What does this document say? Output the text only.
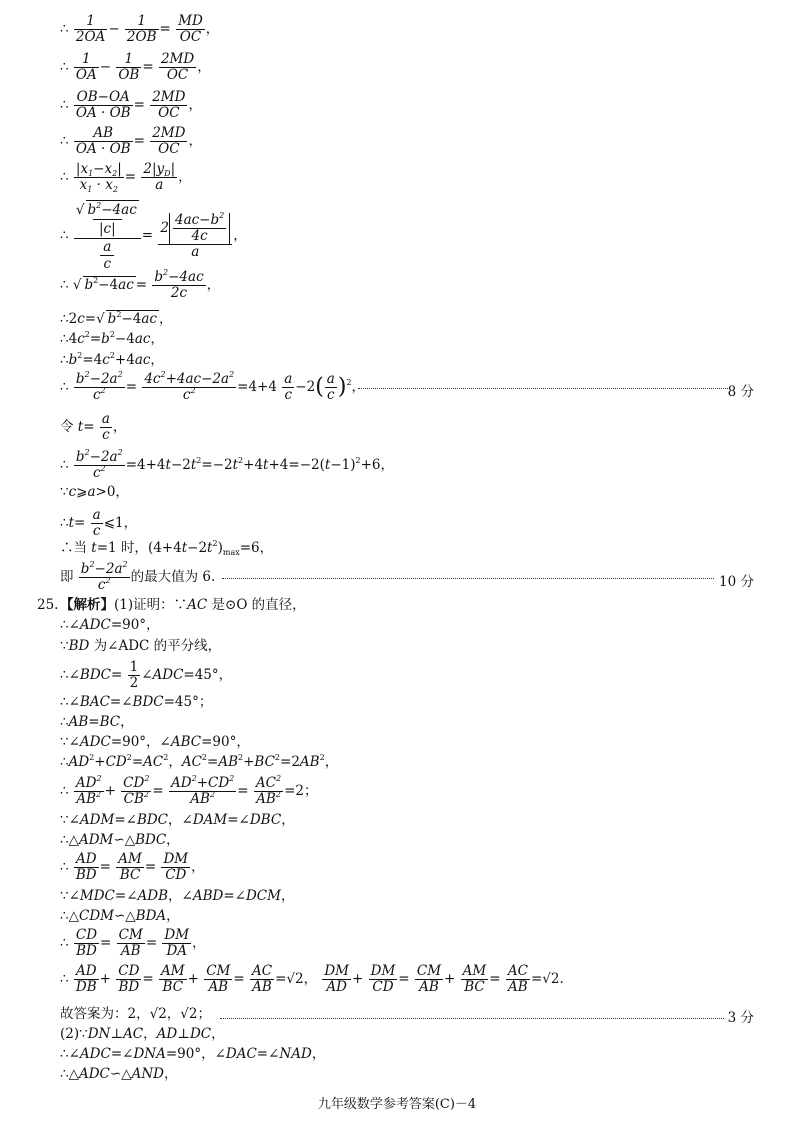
∴ $\frac{1}{2OA} - \frac{1}{2OB} = \frac{MD}{OC}$ ，
∴ $\frac{1}{OA} - \frac{1}{OB} = \frac{2MD}{OC}$ ，
∴ $\frac{OB-OA}{OA \cdot OB} = \frac{2MD}{OC}$ ，
∴ $\frac{AB}{OA \cdot OB} = \frac{2MD}{OC}$ ，
∴ $\frac{|x_1-x_2|}{x_1 \cdot x_2} = \frac{2|y_D|}{a}$ ，
∴
√ $b^2-4ac$
|c|
a
c
= $\frac{2 \frac{4ac-b^2}{4c}}{a}$ ，
∴ √ $b^2-4ac = \frac{b^2-4ac}{2c}$ ，
∴2c=√ $b^2-4ac$ ，
$\therefore 4c^2=b^2-4ac$，
$\therefore b^2=4c^2+4ac$，
∴ $\frac{b^2-2a^2}{c^2} = \frac{4c^2+4ac-2a^2}{c^2} =4+4 \frac{a}{c} -2( \frac{a}{c} )^2$，	8 分
令 $t= \frac{a}{c}$ ，
∴ $\frac{b^2-2a^2}{c^2} =4+4t-2t^2=-2t^2+4t+4=-2(t-1)^2+6$，
∵c⩾a>0，
∴t= $\frac{a}{c}$ ⩽1，
∴当 t=1 时，$(4+4t-2t^2)_{max}=6$，
即 $\frac{b^2-2a^2}{c^2}$ 的最大值为 6.	10 分
25. 【解析】(1)证明：∵AC 是⊙O 的直径，
∴∠ADC=90°，
∵BD 为∠ADC 的平分线，
∴∠BDC= $\frac{1}{2}$ ∠ADC=45°，
∴∠BAC=∠BDC=45°；
∴AB=BC，
∵∠ADC=90°，∠ABC=90°，
$\therefore AD^2+CD^2=AC^2$，$AC^2=AB^2+BC^2=2AB^2$，
∴ $\frac{AD^2}{AB^2} + \frac{CD^2}{CB^2} = \frac{AD^2+CD^2}{AB^2} = \frac{AC^2}{AB^2} =2$；
∵∠ADM=∠BDC，∠DAM=∠DBC，
∴△ADM∽△BDC，
∴ $\frac{AD}{BD} = \frac{AM}{BC} = \frac{DM}{CD}$ ，
∵∠MDC=∠ADB，∠ABD=∠DCM，
∴△CDM∽△BDA，
∴ $\frac{CD}{BD} = \frac{CM}{AB} = \frac{DM}{DA}$ ，
∴ $\frac{AD}{DB} + \frac{CD}{BD} = \frac{AM}{BC} + \frac{CM}{AB} = \frac{AC}{AB} =√2$， $\frac{DM}{AD} + \frac{DM}{CD} = \frac{CM}{AB} + \frac{AM}{BC} = \frac{AC}{AB} =√2$.
故答案为：2，√2，√2；	3 分
(2)∵DN⊥AC，AD⊥DC，
∴∠ADC=∠DNA=90°，∠DAC=∠NAD，
∴△ADC∽△AND，
九年级数学参考答案(C)－4
